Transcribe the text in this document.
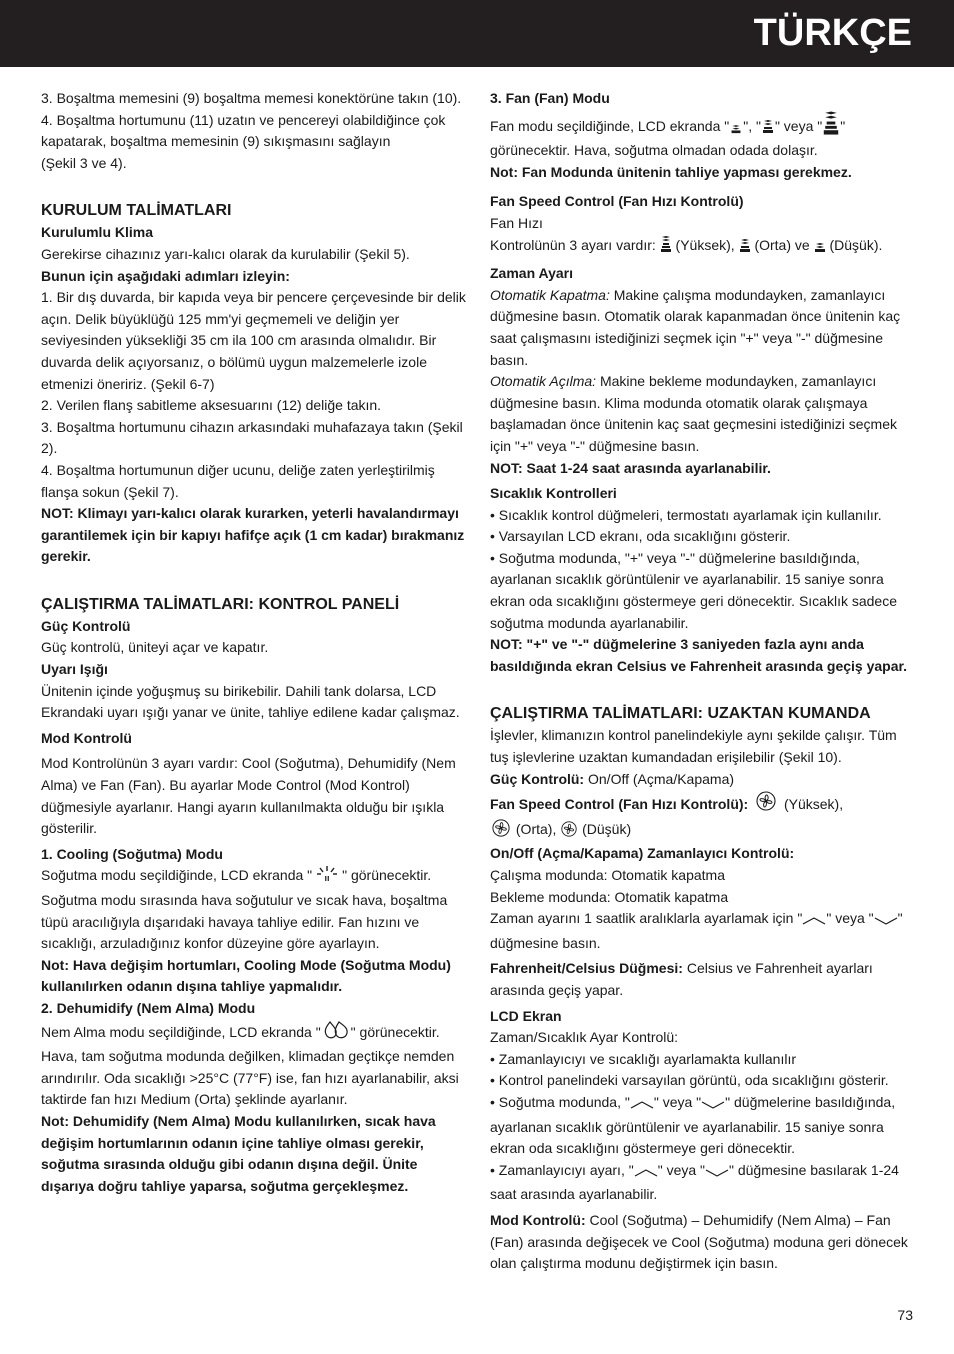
TÜRKÇE

3. Boşaltma memesini (9) boşaltma memesi konektörüne takın (10).

4. Boşaltma hortumunu (11) uzatın ve pencereyi olabildiğince çok kapatarak, boşaltma memesinin (9) sıkışmasını sağlayın

(Şekil 3 ve 4).

KURULUM TALİMATLARI

Kurulumlu Klima

Gerekirse cihazınız yarı-kalıcı olarak da kurulabilir (Şekil 5).

Bunun için aşağıdaki adımları izleyin:

1. Bir dış duvarda, bir kapıda veya bir pencere çerçevesinde bir delik açın. Delik büyüklüğü 125 mm'yi geçmemeli ve deliğin yer seviyesinden yüksekliği 35 cm ila 100 cm arasında olmalıdır. Bir duvarda delik açıyorsanız, o bölümü uygun malzemelerle izole etmenizi öneririz. (Şekil 6-7)

2. Verilen flanş sabitleme aksesuarını (12) deliğe takın.

3. Boşaltma hortumunu cihazın arkasındaki muhafazaya takın (Şekil 2).

4. Boşaltma hortumunun diğer ucunu, deliğe zaten yerleştirilmiş flanşa sokun (Şekil 7).

NOT: Klimayı yarı-kalıcı olarak kurarken, yeterli havalandırmayı garantilemek için bir kapıyı hafifçe açık (1 cm kadar) bırakmanız gerekir.

ÇALIŞTIRMA TALİMATLARI: KONTROL PANELİ

Güç Kontrolü

Güç kontrolü, üniteyi açar ve kapatır.

Uyarı Işığı

Ünitenin içinde yoğuşmuş su birikebilir. Dahili tank dolarsa, LCD Ekrandaki uyarı ışığı yanar ve ünite, tahliye edilene kadar çalışmaz.

Mod Kontrolü

Mod Kontrolünün 3 ayarı vardır: Cool (Soğutma), Dehumidify (Nem Alma) ve Fan (Fan). Bu ayarlar Mode Control (Mod Kontrol) düğmesiyle ayarlanır. Hangi ayarın kullanılmakta olduğu bir ışıkla gösterilir.

1. Cooling (Soğutma) Modu

Soğutma modu seçildiğinde, LCD ekranda " ıı " görünecektir. Soğutma modu sırasında hava soğutulur ve sıcak hava, boşaltma tüpü aracılığıyla dışarıdaki havaya tahliye edilir. Fan hızını ve sıcaklığı, arzuladığınız konfor düzeyine göre ayarlayın.

Not: Hava değişim hortumları, Cooling Mode (Soğutma Modu) kullanılırken odanın dışına tahliye yapmalıdır.

2. Dehumidify (Nem Alma) Modu

Nem Alma modu seçildiğinde, LCD ekranda " " görünecektir. Hava, tam soğutma modunda değilken, klimadan geçtikçe nemden arındırılır. Oda sıcaklığı >25°C (77°F) ise, fan hızı ayarlanabilir, aksi taktirde fan hızı Medium (Orta) şeklinde ayarlanır.

Not: Dehumidify (Nem Alma) Modu kullanılırken, sıcak hava değişim hortumlarının odanın içine tahliye olması gerekir, soğutma sırasında olduğu gibi odanın dışına değil. Ünite dışarıya doğru tahliye yaparsa, soğutma gerçekleşmez.

3. Fan (Fan) Modu

Fan modu seçildiğinde, LCD ekranda " ", " " veya " " görünecektir. Hava, soğutma olmadan odada dolaşır.

Not: Fan Modunda ünitenin tahliye yapması gerekmez.

Fan Speed Control (Fan Hızı Kontrolü)

Fan Hızı

Kontrolünün 3 ayarı vardır:  (Yüksek),  (Orta) ve  (Düşük).

Zaman Ayarı

Otomatik Kapatma: Makine çalışma modundayken, zamanlayıcı düğmesine basın. Otomatik olarak kapanmadan önce ünitenin kaç saat çalışmasını istediğinizi seçmek için "+" veya "-" düğmesine basın.

Otomatik Açılma: Makine bekleme modundayken, zamanlayıcı düğmesine basın. Klima modunda otomatik olarak çalışmaya başlamadan önce ünitenin kaç saat geçmesini istediğinizi seçmek için "+" veya "-" düğmesine basın.

NOT: Saat 1-24 saat arasında ayarlanabilir.

Sıcaklık Kontrolleri

• Sıcaklık kontrol düğmeleri, termostatı ayarlamak için kullanılır.

• Varsayılan LCD ekranı, oda sıcaklığını gösterir.

• Soğutma modunda, "+" veya "-" düğmelerine basıldığında, ayarlanan sıcaklık görüntülenir ve ayarlanabilir. 15 saniye sonra ekran oda sıcaklığını göstermeye geri dönecektir. Sıcaklık sadece soğutma modunda ayarlanabilir.

NOT: "+" ve "-" düğmelerine 3 saniyeden fazla aynı anda basıldığında ekran Celsius ve Fahrenheit arasında geçiş yapar.

ÇALIŞTIRMA TALİMATLARI: UZAKTAN KUMANDA

İşlevler, klimanızın kontrol panelindekiyle aynı şekilde çalışır. Tüm tuş işlevlerine uzaktan kumandadan erişilebilir (Şekil 10).

Güç Kontrolü: On/Off (Açma/Kapama)

Fan Speed Control (Fan Hızı Kontrolü):  (Yüksek),
(Orta),  (Düşük)

On/Off (Açma/Kapama) Zamanlayıcı Kontrolü:

Çalışma modunda: Otomatik kapatma

Bekleme modunda: Otomatik kapatma

Zaman ayarını 1 saatlik aralıklarla ayarlamak için " " veya " " düğmesine basın.

Fahrenheit/Celsius Düğmesi: Celsius ve Fahrenheit ayarları arasında geçiş yapar.

LCD Ekran

Zaman/Sıcaklık Ayar Kontrolü:

• Zamanlayıcıyı ve sıcaklığı ayarlamakta kullanılır

• Kontrol panelindeki varsayılan görüntü, oda sıcaklığını gösterir.

• Soğutma modunda, " " veya " " düğmelerine basıldığında, ayarlanan sıcaklık görüntülenir ve ayarlanabilir. 15 saniye sonra ekran oda sıcaklığını göstermeye geri dönecektir.

• Zamanlayıcıyı ayarı, " " veya " " düğmesine basılarak 1-24 saat arasında ayarlanabilir.

Mod Kontrolü: Cool (Soğutma) – Dehumidify (Nem Alma) – Fan (Fan) arasında değişecek ve Cool (Soğutma) moduna geri dönecek olan çalıştırma modunu değiştirmek için basın.

73
